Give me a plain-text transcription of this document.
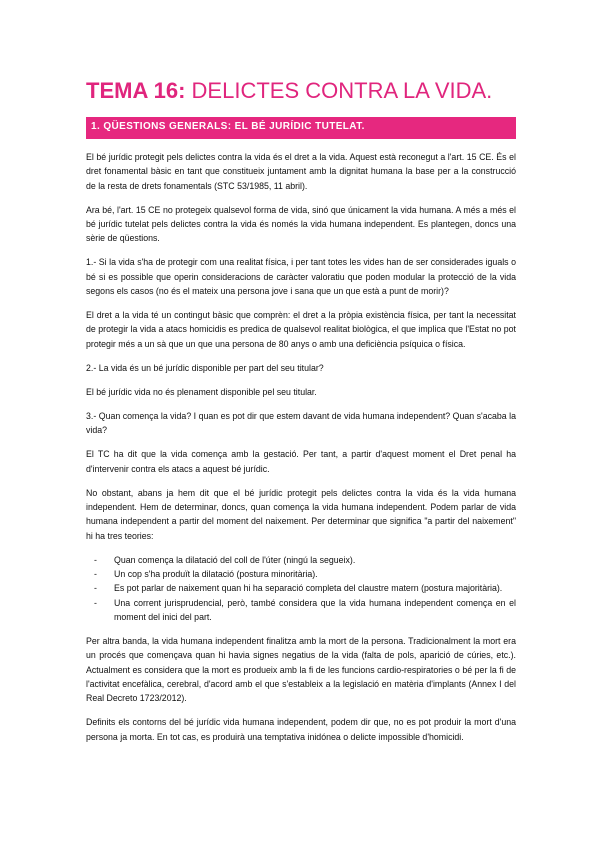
TEMA 16: DELICTES CONTRA LA VIDA.
1. QÜESTIONS GENERALS: EL BÉ JURÍDIC TUTELAT.

El bé jurídic protegit pels delictes contra la vida és el dret a la vida. Aquest està reconegut a l'art. 15 CE. És el dret fonamental bàsic en tant que constitueix juntament amb la dignitat humana la base per a la construcció de la resta de drets fonamentals (STC 53/1985, 11 abril).

Ara bé, l'art. 15 CE no protegeix qualsevol forma de vida, sinó que únicament la vida humana. A més a més el bé jurídic tutelat pels delictes contra la vida és només la vida humana independent. Es plantegen, doncs una sèrie de qüestions.

1.- Si la vida s'ha de protegir com una realitat física, i per tant totes les vides han de ser considerades iguals o bé si es possible que operin consideracions de caràcter valoratiu que poden modular la protecció de la vida segons els casos (no és el mateix una persona jove i sana que un que està a punt de morir)?

El dret a la vida té un contingut bàsic que comprèn: el dret a la pròpia existència física, per tant la necessitat de protegir la vida a atacs homicidis es predica de qualsevol realitat biològica, el que implica que l'Estat no pot protegir més a un sà que un que una persona de 80 anys o amb una deficiència psíquica o física.

2.- La vida és un bé jurídic disponible per part del seu titular?

El bé jurídic vida no és plenament disponible pel seu titular.

3.- Quan comença la vida? I quan es pot dir que estem davant de vida humana independent? Quan s'acaba la vida?

El TC ha dit que la vida comença amb la gestació. Per tant, a partir d'aquest moment el Dret penal ha d'intervenir contra els atacs a aquest bé jurídic.

No obstant, abans ja hem dit que el bé jurídic protegit pels delictes contra la vida és la vida humana independent. Hem de determinar, doncs, quan comença la vida humana independent. Podem parlar de vida humana independent a partir del moment del naixement. Per determinar que significa "a partir del naixement" hi ha tres teories:

- Quan comença la dilatació del coll de l'úter (ningú la segueix).
- Un cop s'ha produït la dilatació (postura minoritària).
- Es pot parlar de naixement quan hi ha separació completa del claustre matern (postura majoritària).
- Una corrent jurisprudencial, però, també considera que la vida humana independent comença en el moment del inici del part.

Per altra banda, la vida humana independent finalitza amb la mort de la persona. Tradicionalment la mort era un procés que començava quan hi havia signes negatius de la vida (falta de pols, aparició de cúries, etc.). Actualment es considera que la mort es produeix amb la fi de les funcions cardio-respiratories o bé per la fi de l'activitat encefàlica, cerebral, d'acord amb el que s'estableix a la legislació en matèria d'implants (Annex I del Real Decreto 1723/2012).

Definits els contorns del bé jurídic vida humana independent, podem dir que, no es pot produir la mort d'una persona ja morta. En tot cas, es produirà una temptativa inidónea o delicte impossible d'homicidi.
